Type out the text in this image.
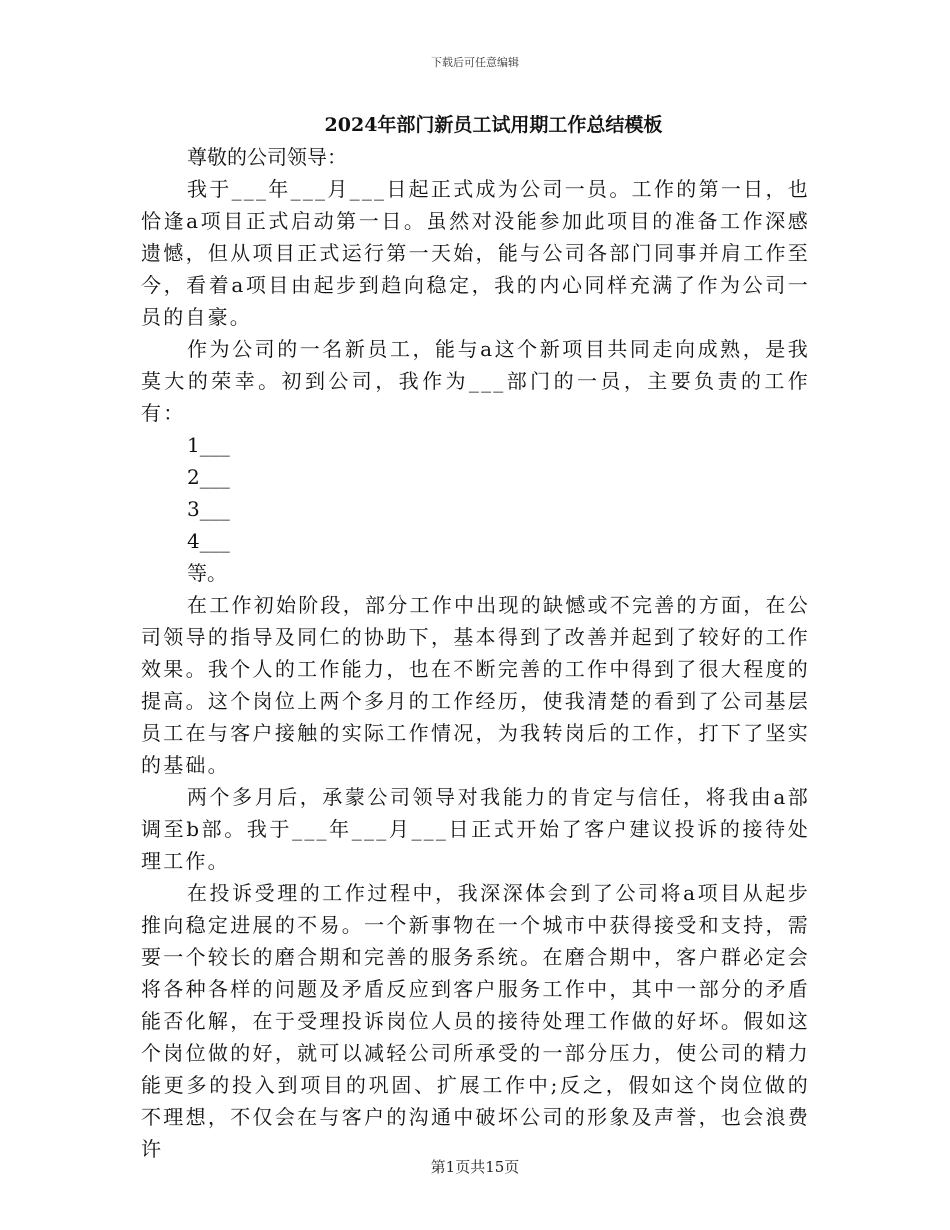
下载后可任意编辑

2024年部门新员工试用期工作总结模板

尊敬的公司领导：

我于___年___月___日起正式成为公司一员。工作的第一日，也恰逢a项目正式启动第一日。虽然对没能参加此项目的准备工作深感遗憾，但从项目正式运行第一天始，能与公司各部门同事并肩工作至今，看着a项目由起步到趋向稳定，我的内心同样充满了作为公司一员的自豪。

作为公司的一名新员工，能与a这个新项目共同走向成熟，是我莫大的荣幸。初到公司，我作为___部门的一员，主要负责的工作有：

1___

2___

3___

4___

等。

在工作初始阶段，部分工作中出现的缺憾或不完善的方面，在公司领导的指导及同仁的协助下，基本得到了改善并起到了较好的工作效果。我个人的工作能力，也在不断完善的工作中得到了很大程度的提高。这个岗位上两个多月的工作经历，使我清楚的看到了公司基层员工在与客户接触的实际工作情况，为我转岗后的工作，打下了坚实的基础。

两个多月后，承蒙公司领导对我能力的肯定与信任，将我由a部调至b部。我于___年___月___日正式开始了客户建议投诉的接待处理工作。

在投诉受理的工作过程中，我深深体会到了公司将a项目从起步推向稳定进展的不易。一个新事物在一个城市中获得接受和支持，需要一个较长的磨合期和完善的服务系统。在磨合期中，客户群必定会将各种各样的问题及矛盾反应到客户服务工作中，其中一部分的矛盾能否化解，在于受理投诉岗位人员的接待处理工作做的好坏。假如这个岗位做的好，就可以减轻公司所承受的一部分压力，使公司的精力能更多的投入到项目的巩固、扩展工作中;反之，假如这个岗位做的不理想，不仅会在与客户的沟通中破坏公司的形象及声誉，也会浪费许

第1页共15页
